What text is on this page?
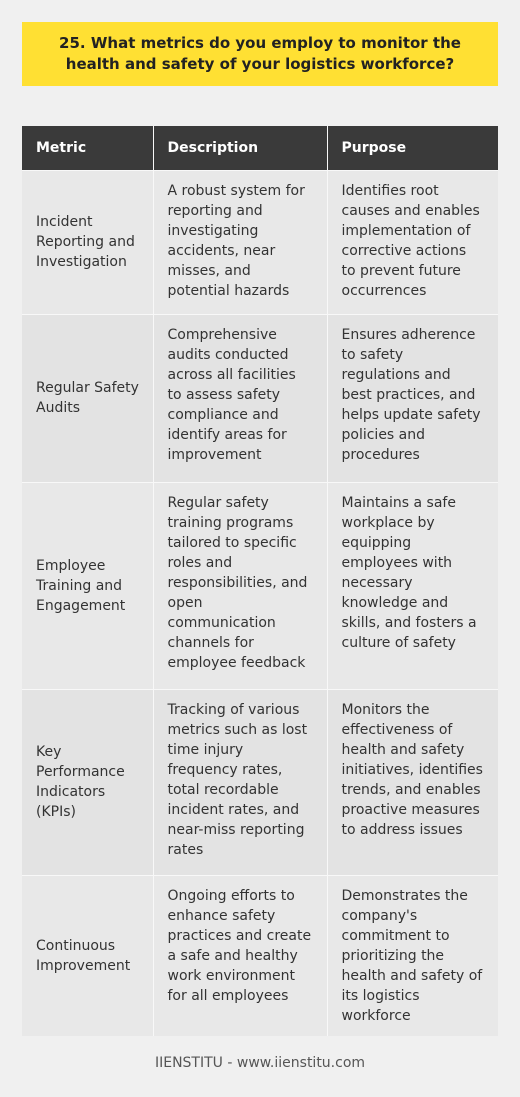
25. What metrics do you employ to monitor the health and safety of your logistics workforce?
Metric	Description	Purpose
Incident Reporting and Investigation	A robust system for reporting and investigating accidents, near misses, and potential hazards	Identifies root causes and enables implementation of corrective actions to prevent future occurrences
Regular Safety Audits	Comprehensive audits conducted across all facilities to assess safety compliance and identify areas for improvement	Ensures adherence to safety regulations and best practices, and helps update safety policies and procedures
Employee Training and Engagement	Regular safety training programs tailored to specific roles and responsibilities, and open communication channels for employee feedback	Maintains a safe workplace by equipping employees with necessary knowledge and skills, and fosters a culture of safety
Key Performance Indicators (KPIs)	Tracking of various metrics such as lost time injury frequency rates, total recordable incident rates, and near-miss reporting rates	Monitors the effectiveness of health and safety initiatives, identifies trends, and enables proactive measures to address issues
Continuous Improvement	Ongoing efforts to enhance safety practices and create a safe and healthy work environment for all employees	Demonstrates the company's commitment to prioritizing the health and safety of its logistics workforce
IIENSTITU - www.iienstitu.com
